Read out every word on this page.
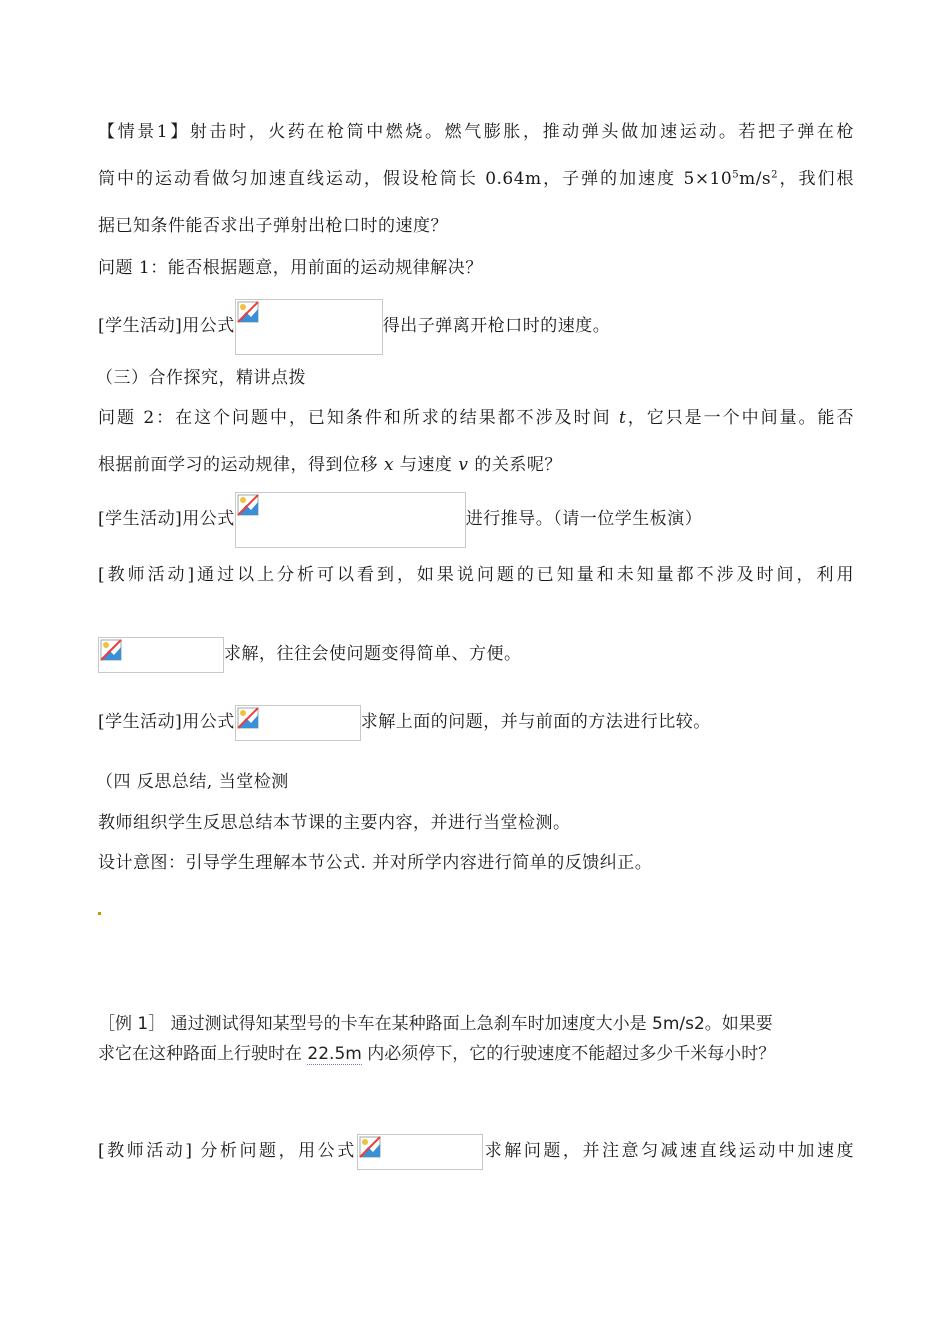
【情景1】射击时，火药在枪筒中燃烧。燃气膨胀，推动弹头做加速运动。若把子弹在枪
筒中的运动看做匀加速直线运动，假设枪筒长 0.64m，子弹的加速度 $5\times 10^5m/s^2$，我们根
据已知条件能否求出子弹射出枪口时的速度？
问题 1：能否根据题意，用前面的运动规律解决？
[学生活动]用公式	得出子弹离开枪口时的速度。
（三）合作探究，精讲点拨
问题 2：在这个问题中，已知条件和所求的结果都不涉及时间 t，它只是一个中间量。能否
根据前面学习的运动规律，得到位移 x 与速度 v 的关系呢？
[学生活动]用公式	进行推导。（请一位学生板演）
[教师活动]通过以上分析可以看到，如果说问题的已知量和未知量都不涉及时间，利用
求解，往往会使问题变得简单、方便。
[学生活动]用公式	求解上面的问题，并与前面的方法进行比较。
（四 反思总结, 当堂检测
教师组织学生反思总结本节课的主要内容，并进行当堂检测。
设计意图：引导学生理解本节公式. 并对所学内容进行简单的反馈纠正。
［例 1］ 通过测试得知某型号的卡车在某种路面上急刹车时加速度大小是 5m/s2。如果要
求它在这种路面上行驶时在 22.5m 内必须停下，它的行驶速度不能超过多少千米每小时？
[教师活动] 分析问题，用公式	求解问题，并注意匀减速直线运动中加速度
